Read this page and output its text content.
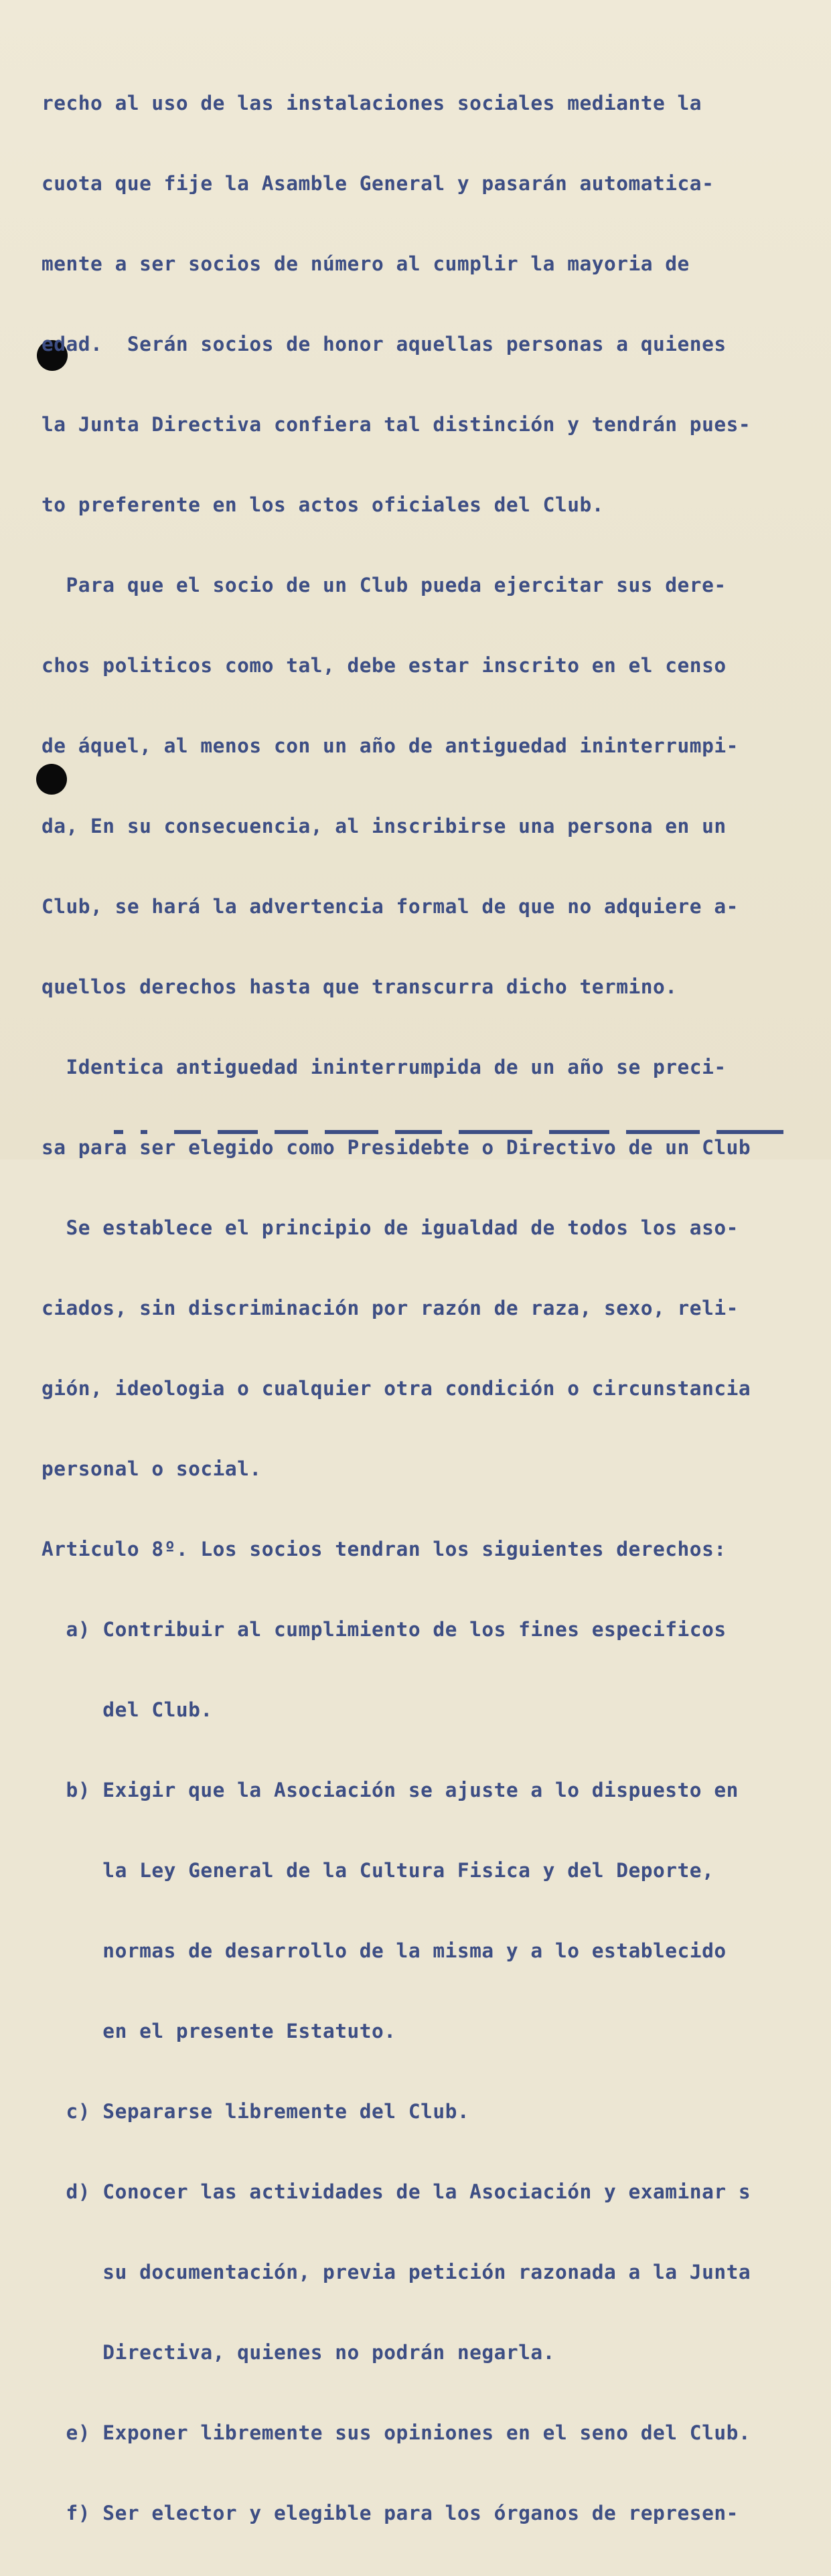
recho al uso de las instalaciones sociales mediante la

cuota que fije la Asamble General y pasarán automatica-

mente a ser socios de número al cumplir la mayoria de

edad.  Serán socios de honor aquellas personas a quienes

la Junta Directiva confiera tal distinción y tendrán pues-

to preferente en los actos oficiales del Club.

Para que el socio de un Club pueda ejercitar sus dere-

chos politicos como tal, debe estar inscrito en el censo

de áquel, al menos con un año de antiguedad ininterrumpi-

da, En su consecuencia, al inscribirse una persona en un

Club, se hará la advertencia formal de que no adquiere a-

quellos derechos hasta que transcurra dicho termino.

Identica antiguedad ininterrumpida de un año se preci-

sa para ser elegido como Presidebte o Directivo de un Club

Se establece el principio de igualdad de todos los aso-

ciados, sin discriminación por razón de raza, sexo, reli-

gión, ideologia o cualquier otra condición o circunstancia

personal o social.

Articulo 8º. Los socios tendran los siguientes derechos:

a) Contribuir al cumplimiento de los fines especificos

del Club.

b) Exigir que la Asociación se ajuste a lo dispuesto en

la Ley General de la Cultura Fisica y del Deporte,

normas de desarrollo de la misma y a lo establecido

en el presente Estatuto.

c) Separarse libremente del Club.

d) Conocer las actividades de la Asociación y examinar s

su documentación, previa petición razonada a la Junta

Directiva, quienes no podrán negarla.

e) Exponer libremente sus opiniones en el seno del Club.

f) Ser elector y elegible para los órganos de represen-
